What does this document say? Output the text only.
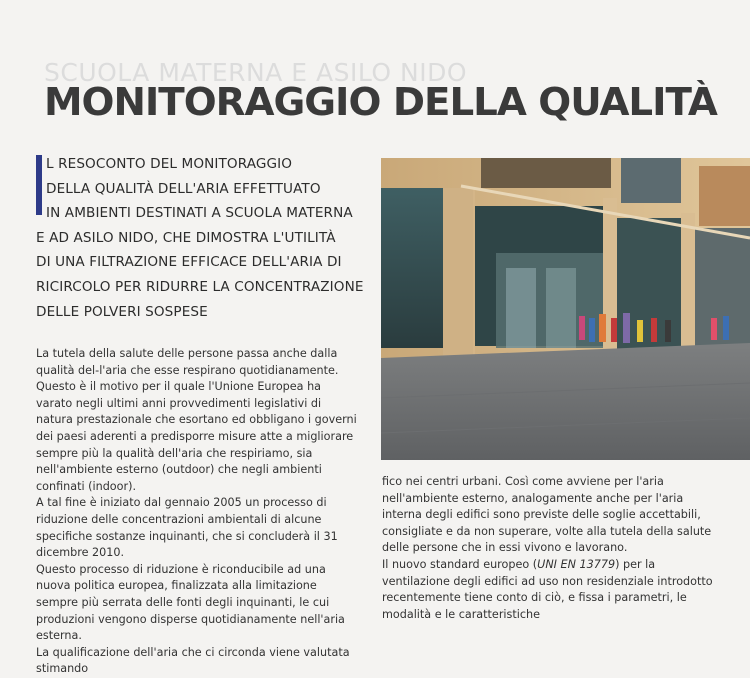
SCUOLA MATERNA E ASILO NIDO
MONITORAGGIO DELLA QUALITÀ
L RESOCONTO DEL MONITORAGGIO
DELLA QUALITÀ DELL'ARIA EFFETTUATO
IN AMBIENTI DESTINATI A SCUOLA MATERNA
E AD ASILO NIDO, CHE DIMOSTRA L'UTILITÀ
DI UNA FILTRAZIONE EFFICACE DELL'ARIA DI
RICIRCOLO PER RIDURRE LA CONCENTRAZIONE
DELLE POLVERI SOSPESE

La tutela della salute delle persone passa anche dalla qualità del-l'aria che esse respirano quotidianamente. Questo è il motivo per il quale l'Unione Europea ha varato negli ultimi anni provvedimenti legislativi di natura prestazionale che esortano ed obbligano i governi dei paesi aderenti a predisporre misure atte a migliorare sempre più la qualità dell'aria che respiriamo, sia nell'ambiente esterno (outdoor) che negli ambienti confinati (indoor).

A tal fine è iniziato dal gennaio 2005 un processo di riduzione delle concentrazioni ambientali di alcune specifiche sostanze inquinanti, che si concluderà il 31 dicembre 2010.

Questo processo di riduzione è riconducibile ad una nuova politica europea, finalizzata alla limitazione sempre più serrata delle fonti degli inquinanti, le cui produzioni vengono disperse quotidianamente nell'aria esterna.

La qualificazione dell'aria che ci circonda viene valutata stimando

fico nei centri urbani. Così come avviene per l'aria nell'ambiente esterno, analogamente anche per l'aria interna degli edifici sono previste delle soglie accettabili, consigliate e da non superare, volte alla tutela della salute delle persone che in essi vivono e lavorano.

Il nuovo standard europeo (UNI EN 13779) per la ventilazione degli edifici ad uso non residenziale introdotto recentemente tiene conto di ciò, e fissa i parametri, le modalità e le caratteristiche
